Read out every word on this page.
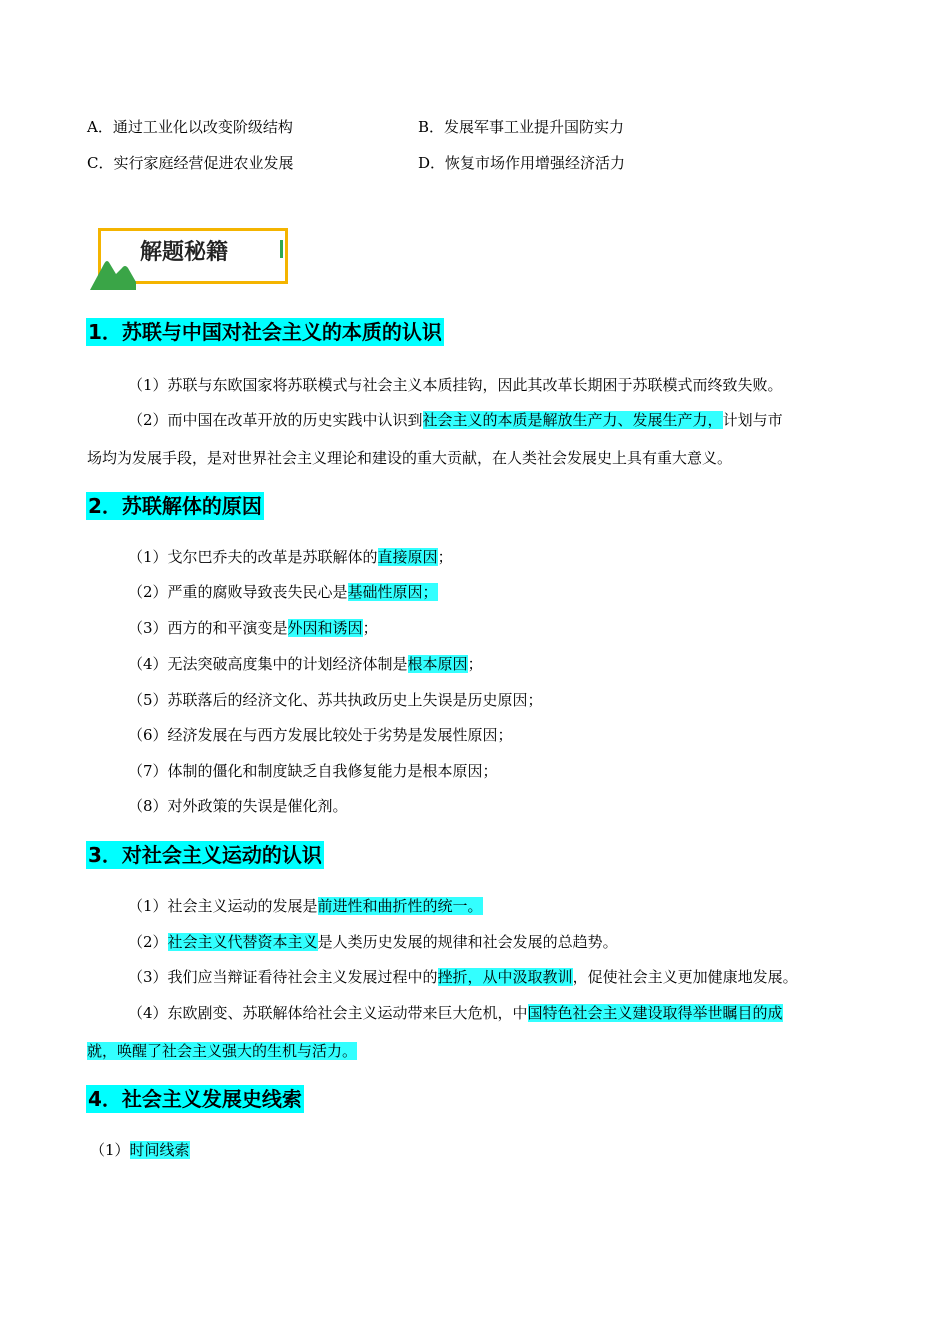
A．通过工业化以改变阶级结构	B．发展军事工业提升国防实力
C．实行家庭经营促进农业发展	D．恢复市场作用增强经济活力
解题秘籍
1．苏联与中国对社会主义的本质的认识
（1）苏联与东欧国家将苏联模式与社会主义本质挂钩，因此其改革长期困于苏联模式而终致失败。
（2）而中国在改革开放的历史实践中认识到社会主义的本质是解放生产力、发展生产力，计划与市
场均为发展手段，是对世界社会主义理论和建设的重大贡献，在人类社会发展史上具有重大意义。
2．苏联解体的原因
（1）戈尔巴乔夫的改革是苏联解体的直接原因；
（2）严重的腐败导致丧失民心是基础性原因；
（3）西方的和平演变是外因和诱因；
（4）无法突破高度集中的计划经济体制是根本原因；
（5）苏联落后的经济文化、苏共执政历史上失误是历史原因；
（6）经济发展在与西方发展比较处于劣势是发展性原因；
（7）体制的僵化和制度缺乏自我修复能力是根本原因；
（8）对外政策的失误是催化剂。
3．对社会主义运动的认识
（1）社会主义运动的发展是前进性和曲折性的统一。
（2）社会主义代替资本主义是人类历史发展的规律和社会发展的总趋势。
（3）我们应当辩证看待社会主义发展过程中的挫折，从中汲取教训，促使社会主义更加健康地发展。
（4）东欧剧变、苏联解体给社会主义运动带来巨大危机，中国特色社会主义建设取得举世瞩目的成
就，唤醒了社会主义强大的生机与活力。
4．社会主义发展史线索
（1）时间线索
